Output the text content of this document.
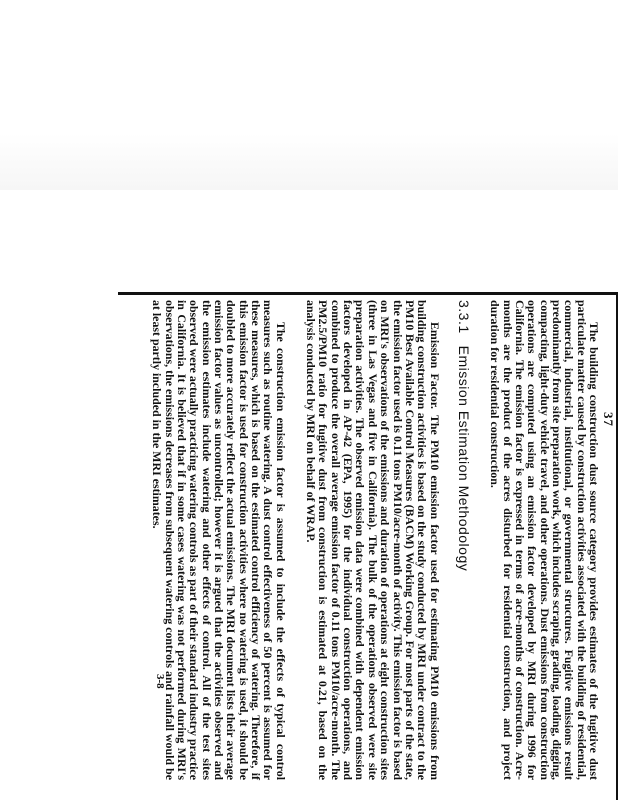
37

The building construction dust source category provides estimates of the fugitive dust particulate matter caused by construction activities associated with the building of residential, commercial, industrial, institutional, or governmental structures. Fugitive emissions result predominantly from site preparation work, which includes scraping, grading, loading, digging, compacting, light-duty vehicle travel, and other operations. Dust emissions from construction operations are computed using an emission factor developed by MRI during 1996 for California. The emission factor is expressed in terms of acre-months of construction. Acre-months are the product of the acres disturbed for residential construction, and project duration for residential construction.

3.3.1Emission Estimation Methodology

Emission Factor.The PM10 emission factor used for estimating PM10 emissions from building construction activities is based on the study conducted by MRI under contract to the PM10 Best Available Control Measures (BACM) Working Group. For most parts of the state, the emission factor used is 0.11 tons PM10/acre-month of activity. This emission factor is based on MRI's observations of the emissions and duration of operations at eight construction sites (three in Las Vegas and five in California). The bulk of the operations observed were site preparation activities. The observed emission data were combined with dependent emission factors developed in AP-42 (EPA, 1995) for the individual construction operations, and combined to produce the overall average emission factor of 0.11 tons PM10/acre-month. The PM2.5/PM10 ratio for fugitive dust from construction is estimated at 0.21, based on the analysis conducted by MRI on behalf of WRAP.

The construction emission factor is assumed to include the effects of typical control measures such as routine watering. A dust control effectiveness of 50 percent is assumed for these measures, which is based on the estimated control efficiency of watering. Therefore, if this emission factor is used for construction activities where no watering is used, it should be doubled to more accurately reflect the actual emissions. The MRI document lists their average emission factor values as uncontrolled; however it is argued that the activities observed and the emission estimates include watering and other effects of control. All of the test sites observed were actually practicing watering controls as part of their standard industry practice in California. It is believed that if in some cases watering was not performed during MRI's observations, the emissions decreases from subsequent watering controls and rainfall would be at least partly included in the MRI estimates.

3-8
